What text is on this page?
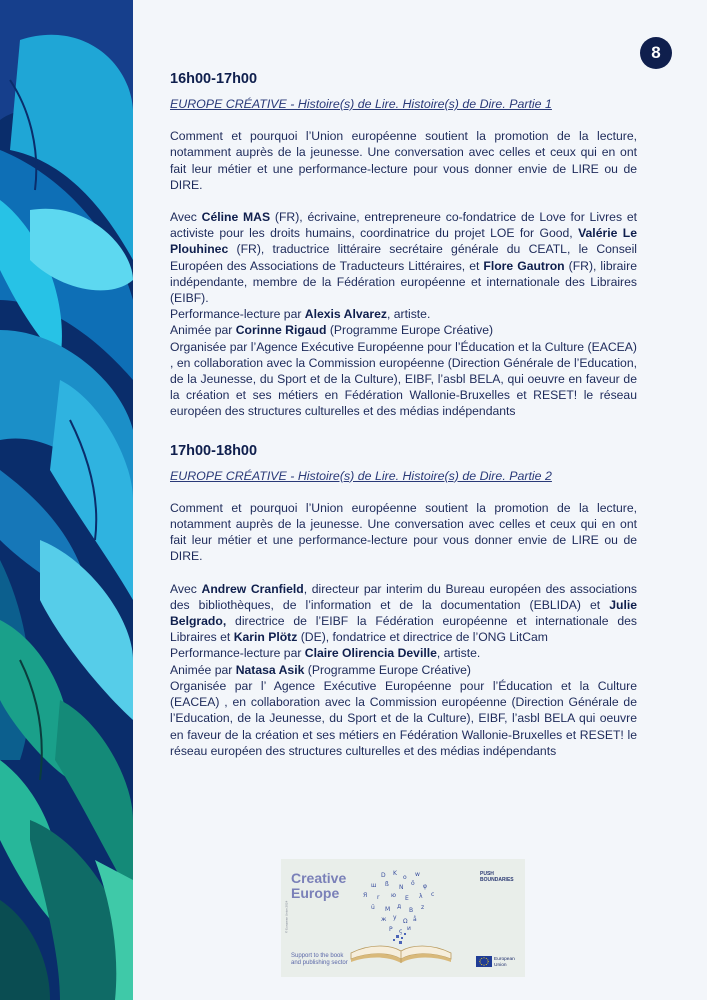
8
16h00-17h00
EUROPE CRÉATIVE - Histoire(s) de Lire. Histoire(s) de Dire. Partie 1

Comment et pourquoi l’Union européenne soutient la promotion de la lecture, notamment auprès de la jeunesse. Une conversation avec celles et ceux qui en ont fait leur métier et une performance-lecture pour vous donner envie de LIRE ou de DIRE.

Avec Céline MAS (FR), écrivaine, entrepreneure co-fondatrice de Love for Livres et activiste pour les droits humains, coordinatrice du projet LOE for Good, Valérie Le Plouhinec (FR), traductrice littéraire secrétaire générale du CEATL, le Conseil Européen des Associations de Traducteurs Littéraires, et Flore Gautron (FR), libraire indépendante, membre de la Fédération européenne et internationale des Libraires (EIBF).

Performance-lecture par Alexis Alvarez, artiste.

Animée par Corinne Rigaud (Programme Europe Créative)

Organisée par l’Agence Exécutive Européenne pour l’Éducation et la Culture (EACEA) , en collaboration avec la Commission européenne (Direction Générale de l’Education, de la Jeunesse, du Sport et de la Culture), EIBF, l’asbl BELA, qui oeuvre en faveur de la création et ses métiers en Fédération Wallonie-Bruxelles et RESET! le réseau européen des structures culturelles et des médias indépendants

17h00-18h00
EUROPE CRÉATIVE - Histoire(s) de Lire. Histoire(s) de Dire. Partie 2

Comment et pourquoi l’Union européenne soutient la promotion de la lecture, notamment auprès de la jeunesse. Une conversation avec celles et ceux qui en ont fait leur métier et une performance-lecture pour vous donner envie de LIRE ou de DIRE.

Avec Andrew Cranfield, directeur par interim du Bureau européen des associations des bibliothèques, de l’information et de la documentation (EBLIDA) et Julie Belgrado, directrice de l’EIBF la Fédération européenne et internationale des Libraires et Karin Plötz (DE), fondatrice et directrice de l’ONG LitCam

Performance-lecture par Claire Olirencia Deville, artiste.

Animée par Natasa Asik (Programme Europe Créative)

Organisée par l’ Agence Exécutive Européenne pour l’Éducation et la Culture (EACEA) , en collaboration avec la Commission européenne (Direction Générale de l’Education, de la Jeunesse, du Sport et de la Culture), EIBF, l’asbl BELA qui oeuvre en faveur de la création et ses métiers en Fédération Wallonie-Bruxelles et RESET! le réseau européen des structures culturelles et des médias indépendants

Creative
Europe
PUSH
BOUNDARIES
© European Union 2024
D K
o w
ш ß N
ö φ
Я r ю E λ c
ü M д
B z
ж y
Ω å
P ç и
Support to the book
and publishing sector
European
Union
